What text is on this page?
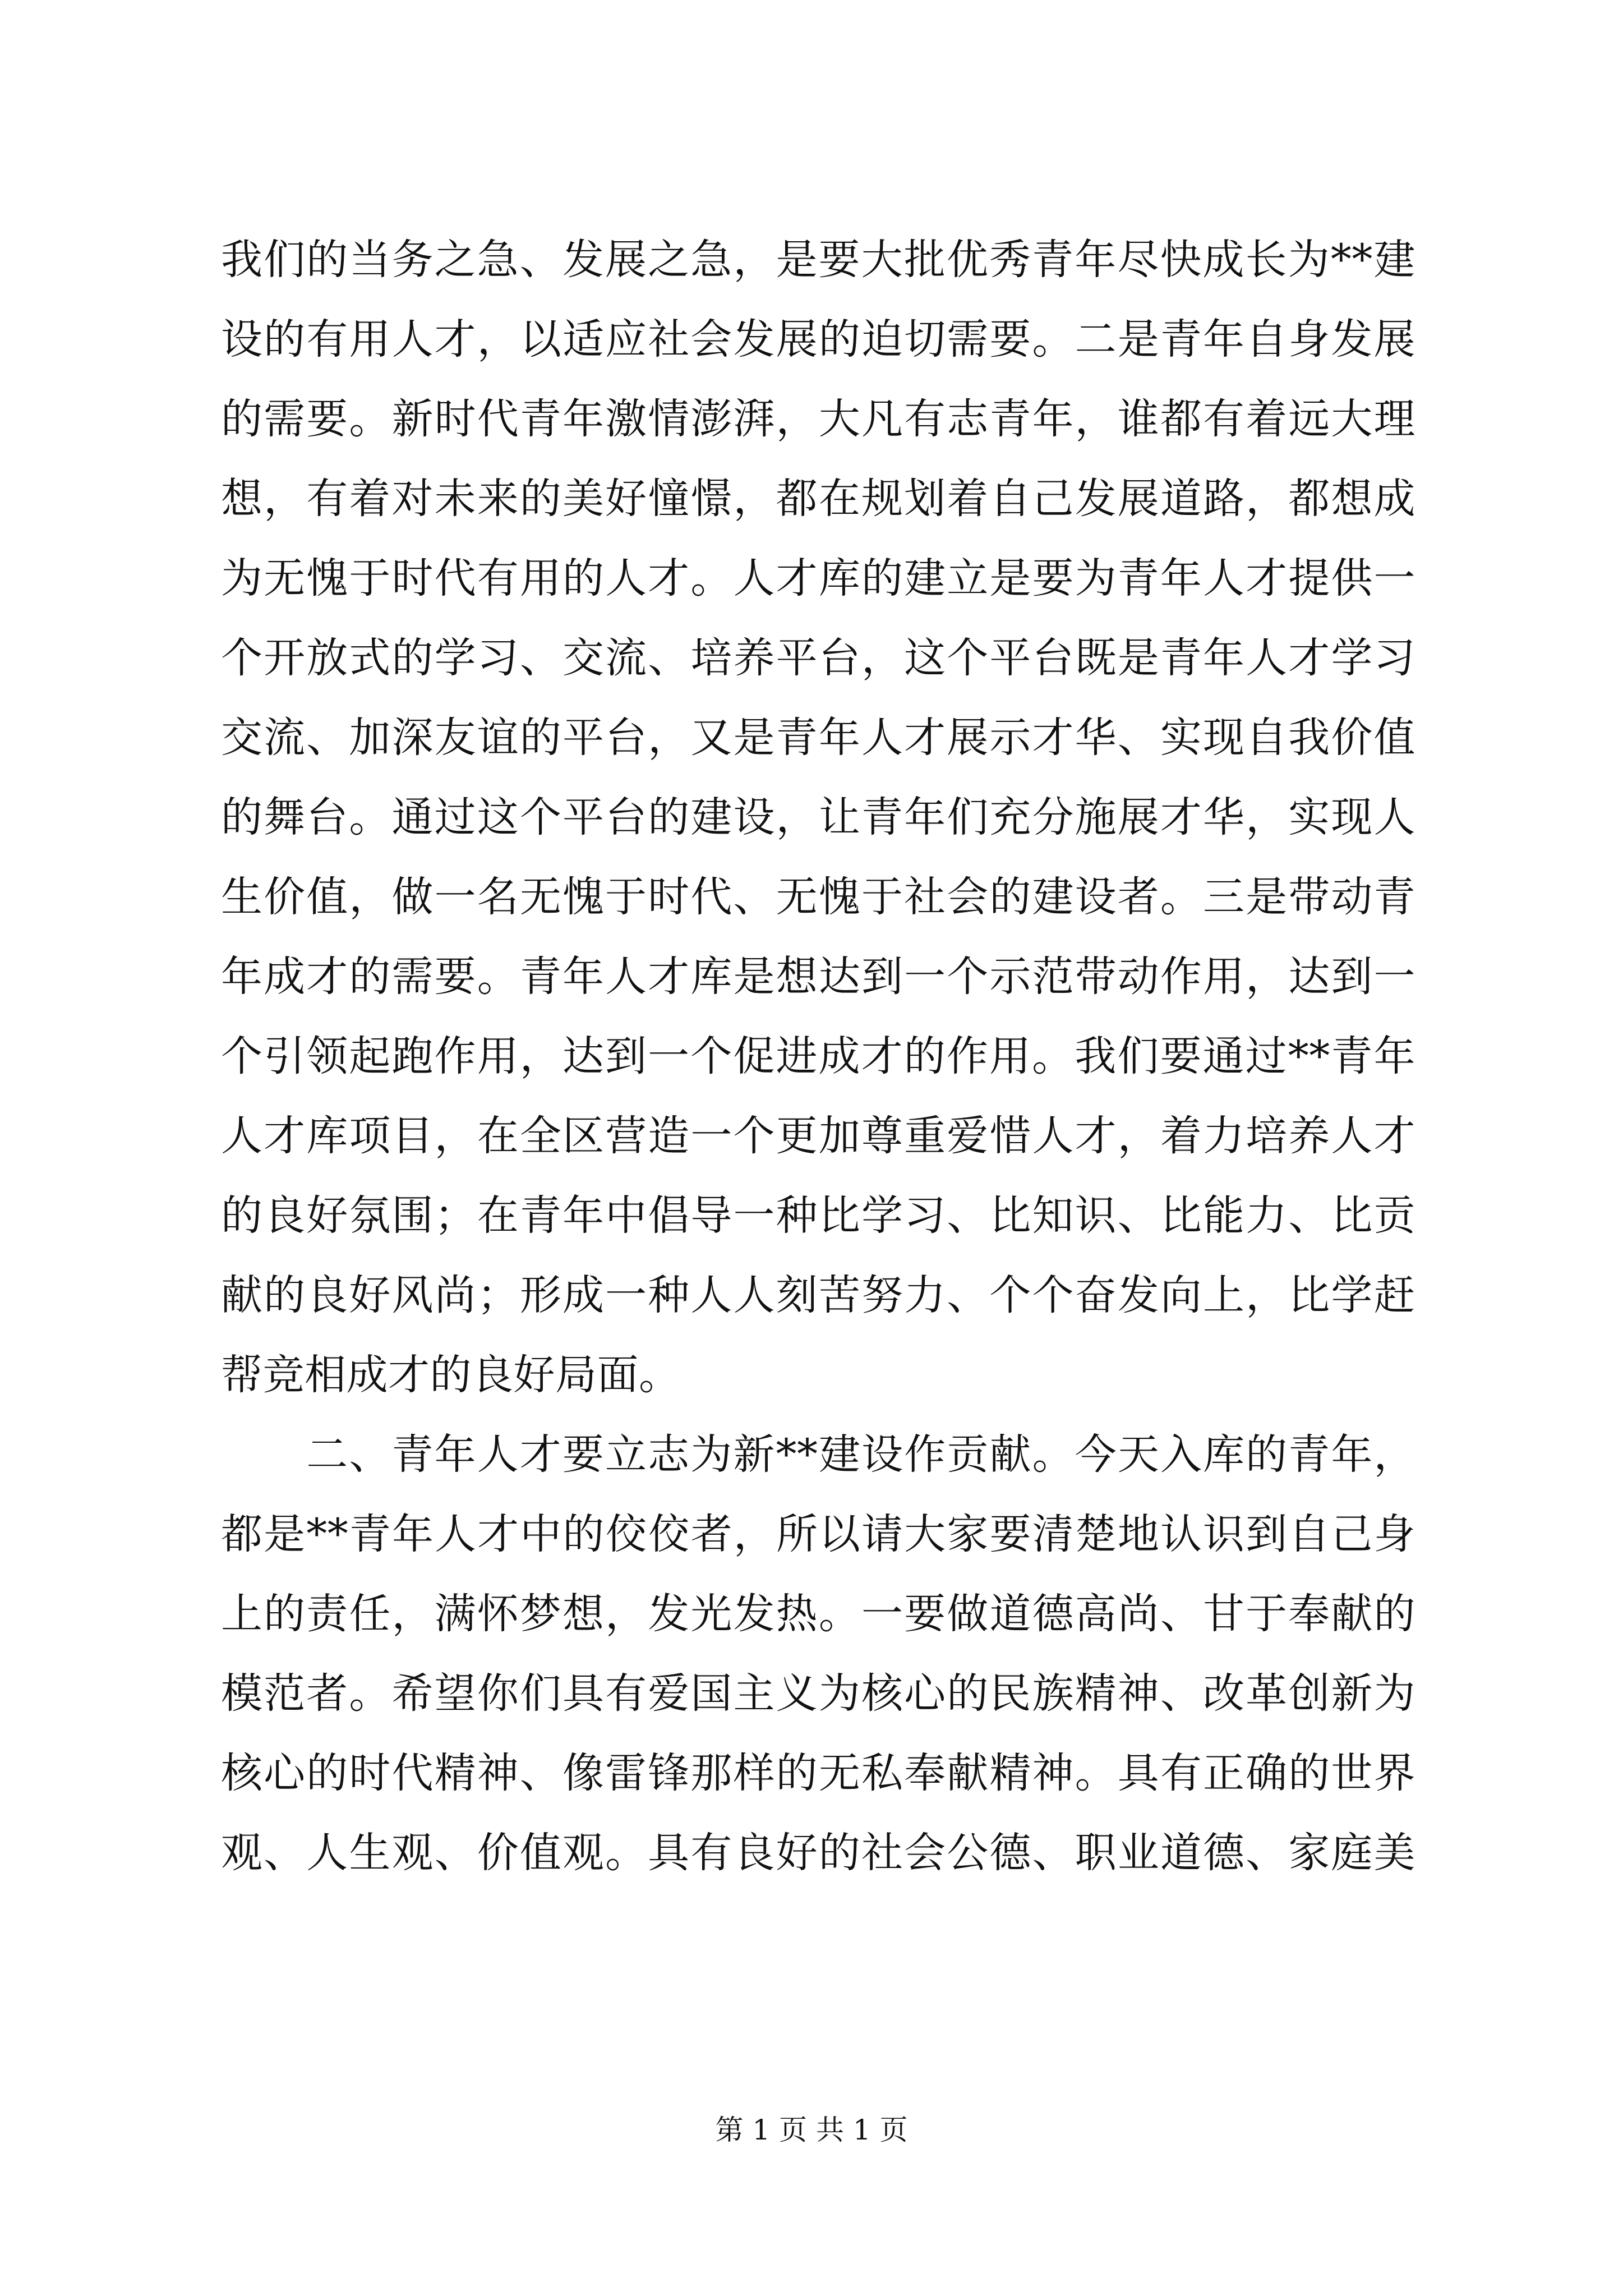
我们的当务之急、发展之急，是要大批优秀青年尽快成长为**建
设的有用人才，以适应社会发展的迫切需要。二是青年自身发展
的需要。新时代青年激情澎湃，大凡有志青年，谁都有着远大理
想，有着对未来的美好憧憬，都在规划着自己发展道路，都想成
为无愧于时代有用的人才。人才库的建立是要为青年人才提供一
个开放式的学习、交流、培养平台，这个平台既是青年人才学习
交流、加深友谊的平台，又是青年人才展示才华、实现自我价值
的舞台。通过这个平台的建设，让青年们充分施展才华，实现人
生价值，做一名无愧于时代、无愧于社会的建设者。三是带动青
年成才的需要。青年人才库是想达到一个示范带动作用，达到一
个引领起跑作用，达到一个促进成才的作用。我们要通过**青年
人才库项目，在全区营造一个更加尊重爱惜人才，着力培养人才
的良好氛围；在青年中倡导一种比学习、比知识、比能力、比贡
献的良好风尚；形成一种人人刻苦努力、个个奋发向上，比学赶
帮竞相成才的良好局面。
　　二、青年人才要立志为新**建设作贡献。今天入库的青年，
都是**青年人才中的佼佼者，所以请大家要清楚地认识到自己身
上的责任，满怀梦想，发光发热。一要做道德高尚、甘于奉献的
模范者。希望你们具有爱国主义为核心的民族精神、改革创新为
核心的时代精神、像雷锋那样的无私奉献精神。具有正确的世界
观、人生观、价值观。具有良好的社会公德、职业道德、家庭美
第 1 页 共 1 页
